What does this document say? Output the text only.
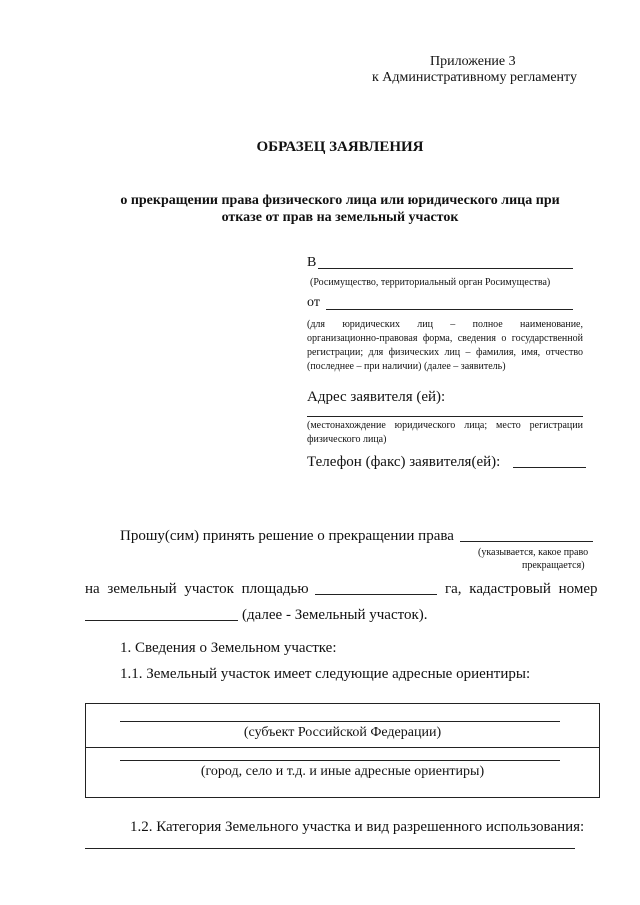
Приложение 3
к Административному регламенту
ОБРАЗЕЦ ЗАЯВЛЕНИЯ
о прекращении права физического лица или юридического лица при
отказе от прав на земельный участок
В
(Росимущество, территориальный орган Росимущества)
от
(для юридических лиц – полное наименование, организационно-правовая форма, сведения о государственной регистрации; для физических лиц – фамилия, имя, отчество (последнее – при наличии) (далее – заявитель)
Адрес заявителя (ей):
(местонахождение юридического лица; место регистрации физического лица)
Телефон (факс) заявителя(ей):
Прошу(сим) принять решение о прекращении права
(указывается, какое право
прекращается)
на земельный участок площадью	га, кадастровый номер
(далее - Земельный участок).
1. Сведения о Земельном участке:
1.1. Земельный участок имеет следующие адресные ориентиры:
(субъект Российской Федерации)
(город, село и т.д. и иные адресные ориентиры)
1.2. Категория Земельного участка и вид разрешенного использования:
